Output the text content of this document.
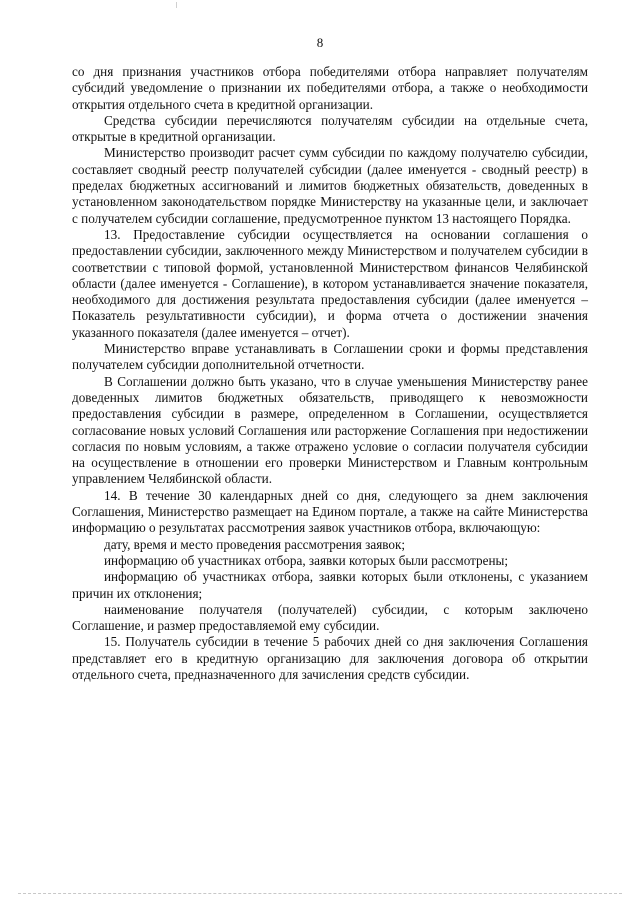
8

со дня признания участников отбора победителями отбора направляет получателям субсидий уведомление о признании их победителями отбора, а также о необходимости открытия отдельного счета в кредитной организации.

Средства субсидии перечисляются получателям субсидии на отдельные счета, открытые в кредитной организации.

Министерство производит расчет сумм субсидии по каждому получателю субсидии, составляет сводный реестр получателей субсидии (далее именуется - сводный реестр) в пределах бюджетных ассигнований и лимитов бюджетных обязательств, доведенных в установленном законодательством порядке Министерству на указанные цели, и заключает с получателем субсидии соглашение, предусмотренное пунктом 13 настоящего Порядка.

13. Предоставление субсидии осуществляется на основании соглашения о предоставлении субсидии, заключенного между Министерством и получателем субсидии в соответствии с типовой формой, установленной Министерством финансов Челябинской области (далее именуется - Соглашение), в котором устанавливается значение показателя, необходимого для достижения результата предоставления субсидии (далее именуется – Показатель результативности субсидии), и форма отчета о достижении значения указанного показателя (далее именуется – отчет).

Министерство вправе устанавливать в Соглашении сроки и формы представления получателем субсидии дополнительной отчетности.

В Соглашении должно быть указано, что в случае уменьшения Министерству ранее доведенных лимитов бюджетных обязательств, приводящего к невозможности предоставления субсидии в размере, определенном в Соглашении, осуществляется согласование новых условий Соглашения или расторжение Соглашения при недостижении согласия по новым условиям, а также отражено условие о согласии получателя субсидии на осуществление в отношении его проверки Министерством и Главным контрольным управлением Челябинской области.

14. В течение 30 календарных дней со дня, следующего за днем заключения Соглашения, Министерство размещает на Едином портале, а также на сайте Министерства информацию о результатах рассмотрения заявок участников отбора, включающую:

дату, время и место проведения рассмотрения заявок;

информацию об участниках отбора, заявки которых были рассмотрены;

информацию об участниках отбора, заявки которых были отклонены, с указанием причин их отклонения;

наименование получателя (получателей) субсидии, с которым заключено Соглашение, и размер предоставляемой ему субсидии.

15. Получатель субсидии в течение 5 рабочих дней со дня заключения Соглашения представляет его в кредитную организацию для заключения договора об открытии отдельного счета, предназначенного для зачисления средств субсидии.
